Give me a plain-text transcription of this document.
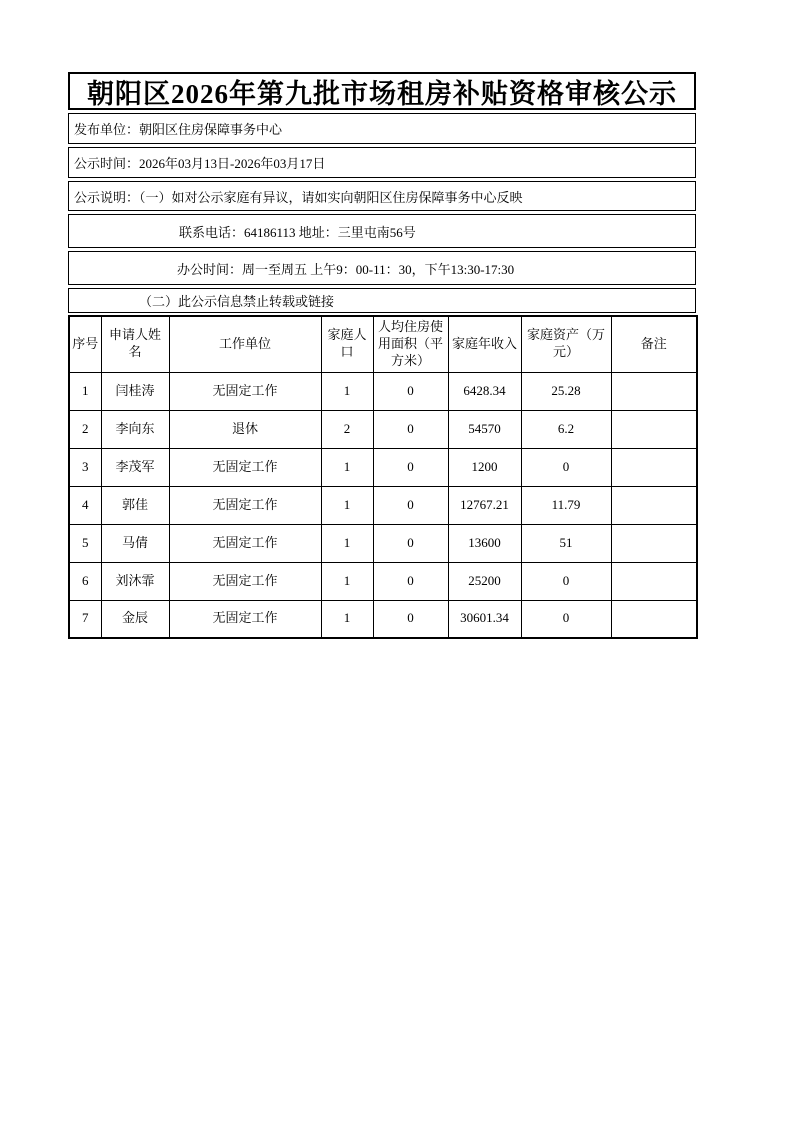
朝阳区2026年第九批市场租房补贴资格审核公示
发布单位：朝阳区住房保障事务中心
公示时间：2026年03月13日-2026年03月17日
公示说明：（一）如对公示家庭有异议，请如实向朝阳区住房保障事务中心反映
联系电话：64186113 地址：三里屯南56号
办公时间：周一至周五 上午9：00-11：30，下午13:30-17:30
（二）此公示信息禁止转载或链接
序号	申请人姓名	工作单位	家庭人口	人均住房使用面积（平方米）	家庭年收入	家庭资产（万元）	备注
1	闫桂涛	无固定工作	1	0	6428.34	25.28	
2	李向东	退休	2	0	54570	6.2	
3	李茂军	无固定工作	1	0	1200	0	
4	郭佳	无固定工作	1	0	12767.21	11.79	
5	马倩	无固定工作	1	0	13600	51	
6	刘沐霏	无固定工作	1	0	25200	0	
7	金辰	无固定工作	1	0	30601.34	0	
